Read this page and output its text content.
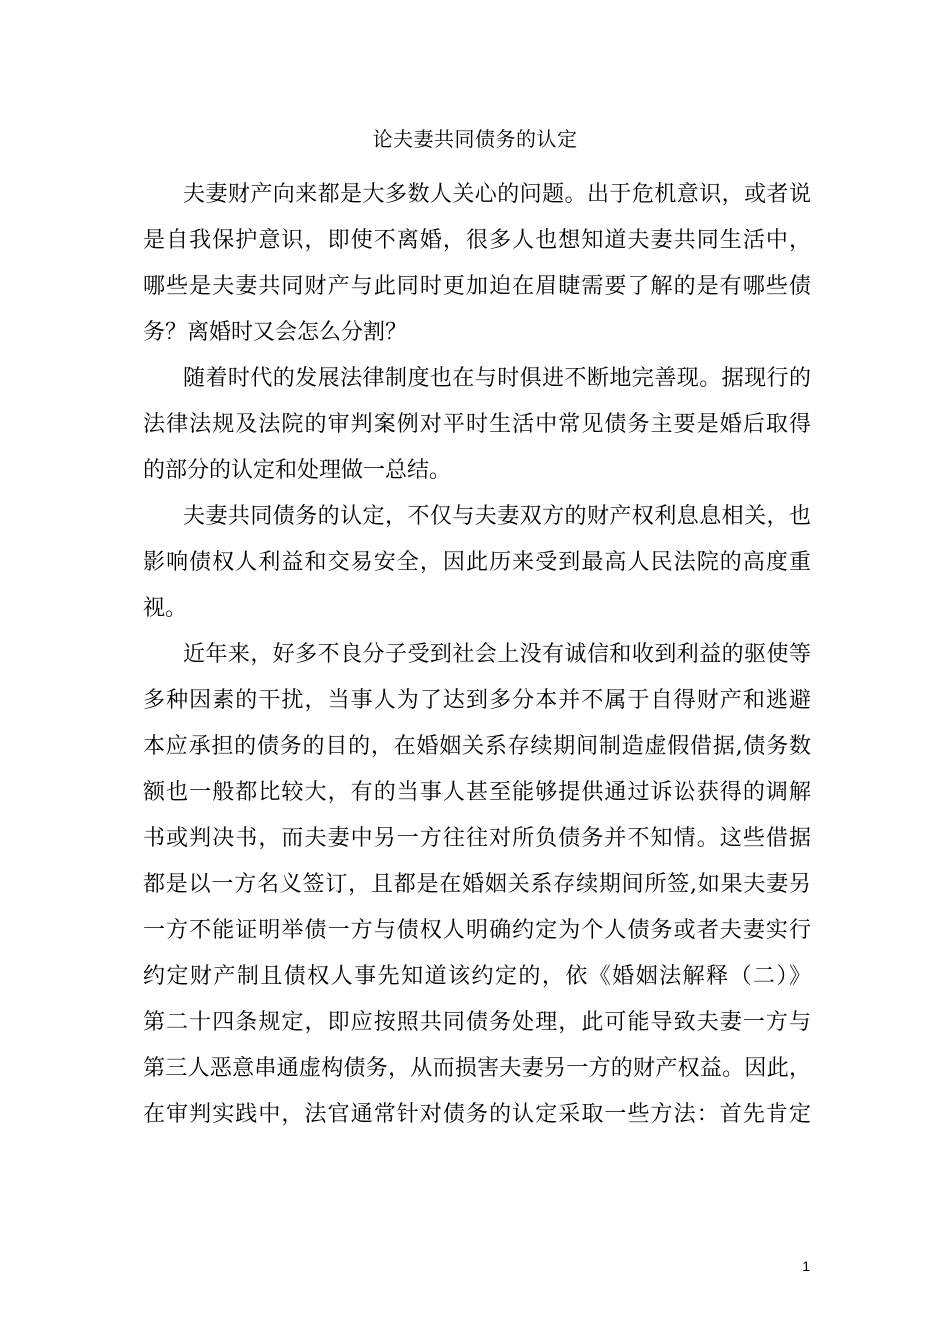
论夫妻共同债务的认定
夫妻财产向来都是大多数人关心的问题。出于危机意识，或者说
是自我保护意识，即使不离婚，很多人也想知道夫妻共同生活中，
哪些是夫妻共同财产与此同时更加迫在眉睫需要了解的是有哪些债
务？离婚时又会怎么分割？
随着时代的发展法律制度也在与时俱进不断地完善现。据现行的
法律法规及法院的审判案例对平时生活中常见债务主要是婚后取得
的部分的认定和处理做一总结。
夫妻共同债务的认定，不仅与夫妻双方的财产权利息息相关，也
影响债权人利益和交易安全，因此历来受到最高人民法院的高度重
视。
近年来，好多不良分子受到社会上没有诚信和收到利益的驱使等
多种因素的干扰，当事人为了达到多分本并不属于自得财产和逃避
本应承担的债务的目的，在婚姻关系存续期间制造虚假借据,债务数
额也一般都比较大，有的当事人甚至能够提供通过诉讼获得的调解
书或判决书，而夫妻中另一方往往对所负债务并不知情。这些借据
都是以一方名义签订，且都是在婚姻关系存续期间所签,如果夫妻另
一方不能证明举债一方与债权人明确约定为个人债务或者夫妻实行
约定财产制且债权人事先知道该约定的，依《婚姻法解释（二）》
第二十四条规定，即应按照共同债务处理，此可能导致夫妻一方与
第三人恶意串通虚构债务，从而损害夫妻另一方的财产权益。因此，
在审判实践中，法官通常针对债务的认定采取一些方法：首先肯定
1
